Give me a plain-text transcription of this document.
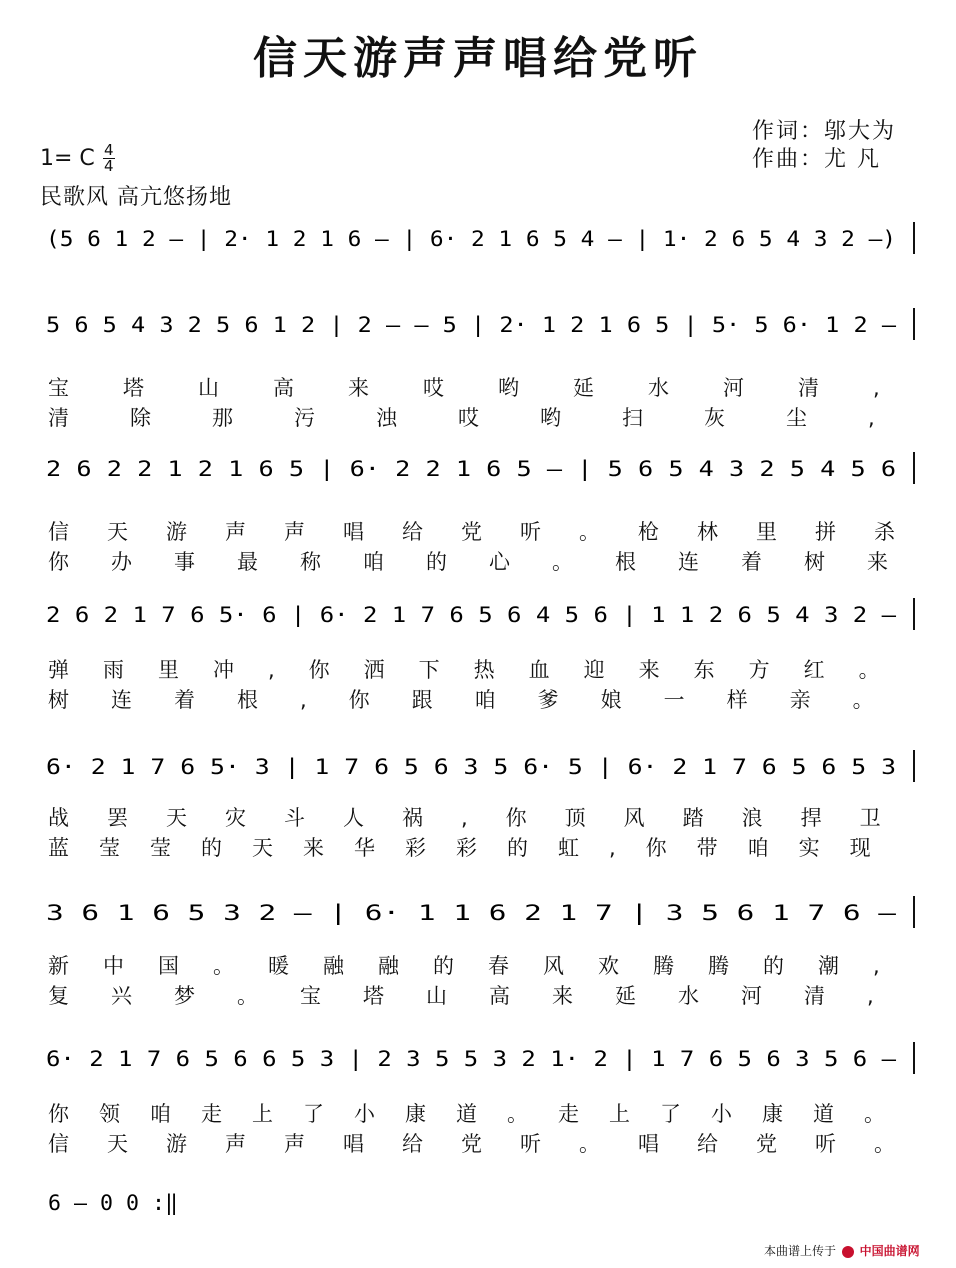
信天游声声唱给党听
作词：邬大为
作曲：尤 凡
1= C $\frac{4}{4}$
民歌风 高亢悠扬地
(5 6 1 2 – | 2· 1 2 1 6 – | 6· 2 1 6 5 4 – | 1· 2 6 5 4 3 2 –)
5 6 5 4 3 2 5 6 1 2 | 2 – – 5 | 2· 1 2 1 6 5 | 5· 5 6· 1 2 –
宝塔山高来哎哟延水河清,
清除那污浊哎哟扫灰尘,
2 6 2 2 1 2 1 6 5 | 6· 2 2 1 6 5 – | 5 6 5 4 3 2 5 4 5 6
信天游声声唱给党听。枪林里拼杀
你办事最称咱的心。根连着树来
2 6 2 1 7 6 5· 6 | 6· 2 1 7 6 5 6 4 5 6 | 1 1 2 6 5 4 3 2 –
弹雨里冲,你洒下热血迎来东方红。
树连着根,你跟咱爹娘一样亲。
6· 2 1 7 6 5· 3 | 1 7 6 5 6 3 5 6· 5 | 6· 2 1 7 6 5 6 5 3
战罢天灾斗人祸,你顶风踏浪捍卫
蓝莹莹的天来华彩彩的虹,你带咱实现
3 6 1 6 5 3 2 – | 6· 1 1 6 2 1 7 | 3 5 6 1 7 6 –
新中国。暖融融的春风欢腾腾的潮,
复兴梦。宝塔山高来延水河清,
6· 2 1 7 6 5 6 6 5 3 | 2 3 5 5 3 2 1· 2 | 1 7 6 5 6 3 5 6 –
你领咱走上了小康道。走上了小康道。
信天游声声唱给党听。唱给党听。
6 – 0 0 :‖
本曲谱上传于 中国曲谱网
